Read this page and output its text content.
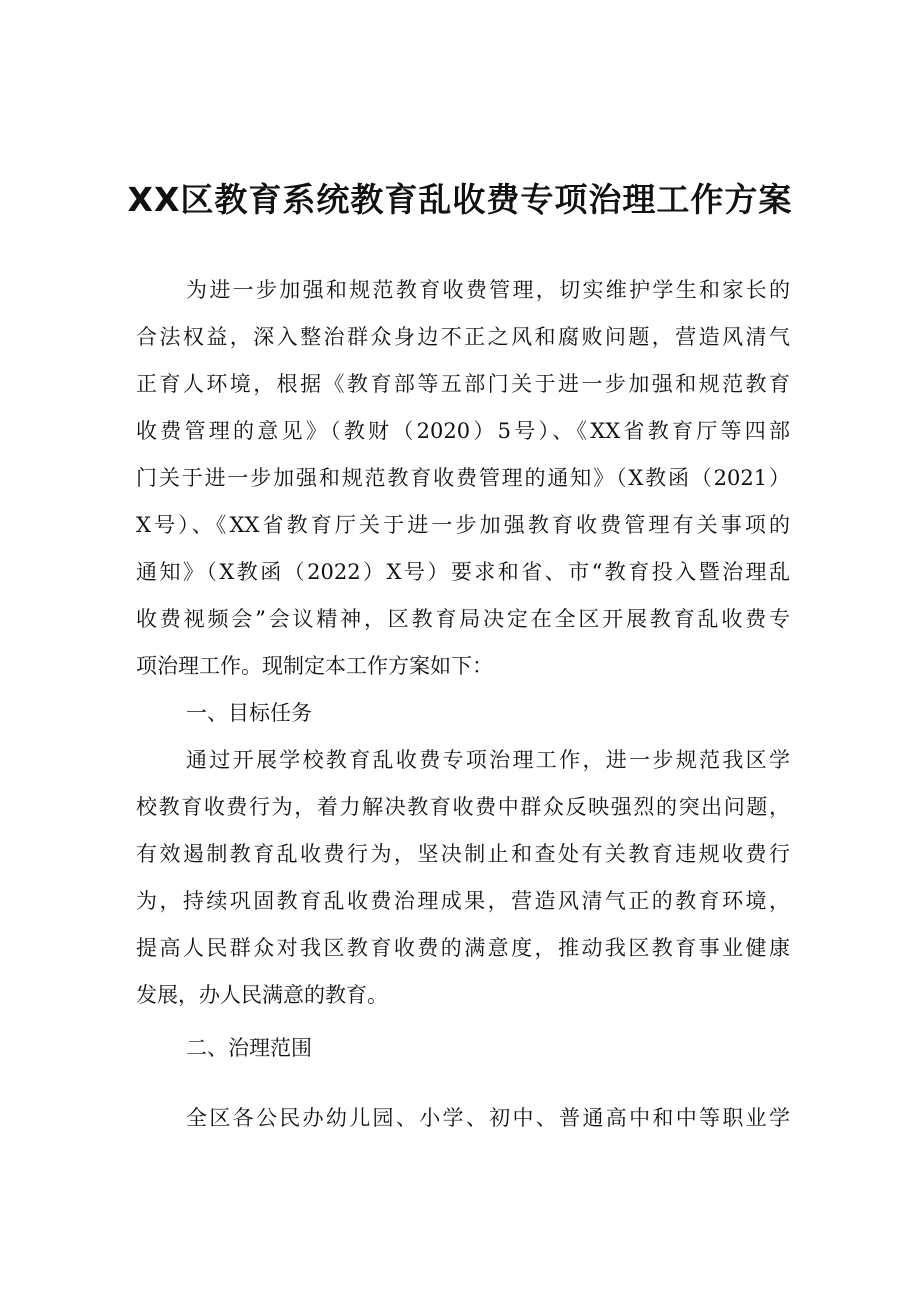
XX区教育系统教育乱收费专项治理工作方案

为进一步加强和规范教育收费管理，切实维护学生和家长的

合法权益，深入整治群众身边不正之风和腐败问题，营造风清气

正育人环境，根据《教育部等五部门关于进一步加强和规范教育

收费管理的意见》（教财（2020）5号）、《XX省教育厅等四部

门关于进一步加强和规范教育收费管理的通知》（X教函（2021）

X号）、《XX省教育厅关于进一步加强教育收费管理有关事项的

通知》（X教函（2022）X号）要求和省、市“教育投入暨治理乱

收费视频会”会议精神，区教育局决定在全区开展教育乱收费专

项治理工作。现制定本工作方案如下：

一、目标任务

通过开展学校教育乱收费专项治理工作，进一步规范我区学

校教育收费行为，着力解决教育收费中群众反映强烈的突出问题，

有效遏制教育乱收费行为，坚决制止和查处有关教育违规收费行

为，持续巩固教育乱收费治理成果，营造风清气正的教育环境，

提高人民群众对我区教育收费的满意度，推动我区教育事业健康

发展，办人民满意的教育。

二、治理范围

全区各公民办幼儿园、小学、初中、普通高中和中等职业学
